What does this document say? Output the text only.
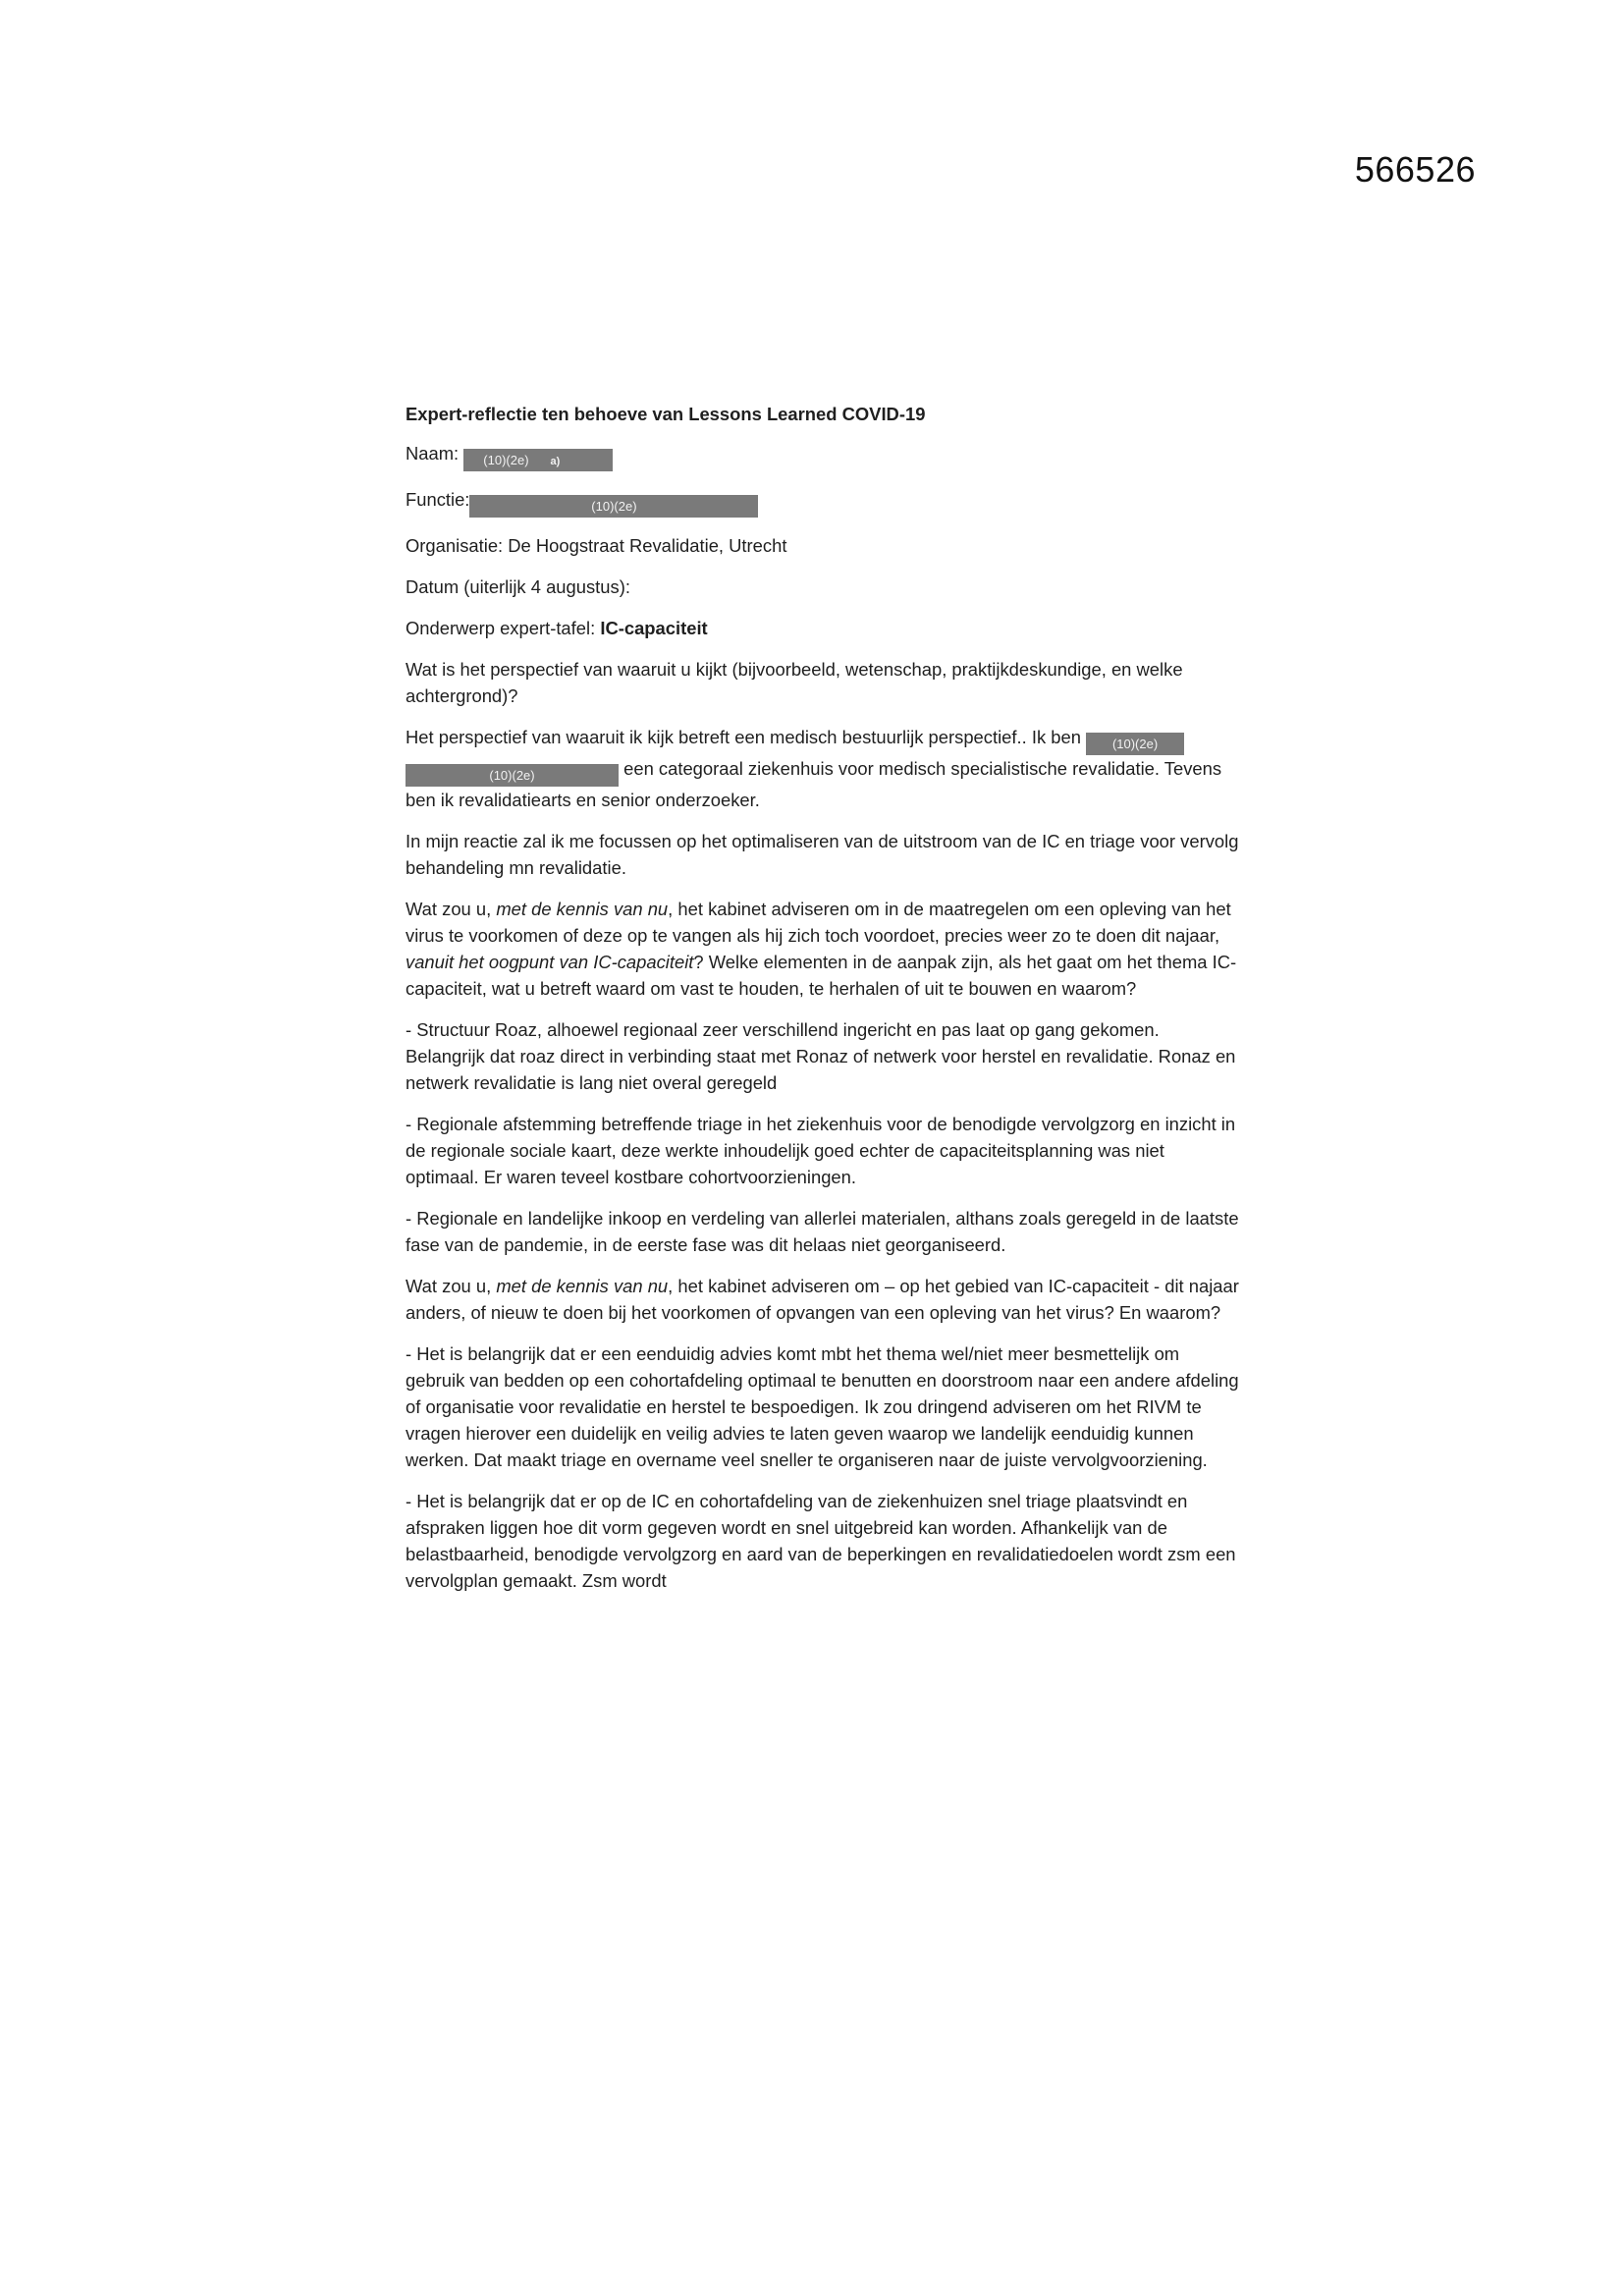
566526

Expert-reflectie ten behoeve van Lessons Learned COVID-19

Naam: (10)(2e) a)

Functie:	(10)(2e)

Organisatie: De Hoogstraat Revalidatie, Utrecht

Datum (uiterlijk 4 augustus):

Onderwerp expert-tafel: IC-capaciteit

Wat is het perspectief van waaruit u kijkt (bijvoorbeeld, wetenschap, praktijkdeskundige, en welke achtergrond)?

Het perspectief van waaruit ik kijk betreft een medisch bestuurlijk perspectief.. Ik ben (10)(2e)
(10)(2e)	een categoraal ziekenhuis voor medisch specialistische revalidatie. Tevens ben ik revalidatiearts en senior onderzoeker.

In mijn reactie zal ik me focussen op het optimaliseren van de uitstroom van de IC en triage voor vervolg behandeling mn revalidatie.

Wat zou u, met de kennis van nu, het kabinet adviseren om in de maatregelen om een opleving van het virus te voorkomen of deze op te vangen als hij zich toch voordoet, precies weer zo te doen dit najaar, vanuit het oogpunt van IC-capaciteit? Welke elementen in de aanpak zijn, als het gaat om het thema IC-capaciteit, wat u betreft waard om vast te houden, te herhalen of uit te bouwen en waarom?

- Structuur Roaz, alhoewel regionaal zeer verschillend ingericht en pas laat op gang gekomen. Belangrijk dat roaz direct in verbinding staat met Ronaz of netwerk voor herstel en revalidatie. Ronaz en netwerk revalidatie is lang niet overal geregeld

- Regionale afstemming betreffende triage in het ziekenhuis voor de benodigde vervolgzorg en inzicht in de regionale sociale kaart, deze werkte inhoudelijk goed echter de capaciteitsplanning was niet optimaal. Er waren teveel kostbare cohortvoorzieningen.

- Regionale en landelijke inkoop en verdeling van allerlei materialen, althans zoals geregeld in de laatste fase van de pandemie, in de eerste fase was dit helaas niet georganiseerd.

Wat zou u, met de kennis van nu, het kabinet adviseren om – op het gebied van IC-capaciteit - dit najaar anders, of nieuw te doen bij het voorkomen of opvangen van een opleving van het virus? En waarom?

- Het is belangrijk dat er een eenduidig advies komt mbt het thema wel/niet meer besmettelijk om gebruik van bedden op een cohortafdeling optimaal te benutten en doorstroom naar een andere afdeling of organisatie voor revalidatie en herstel te bespoedigen. Ik zou dringend adviseren om het RIVM te vragen hierover een duidelijk en veilig advies te laten geven waarop we landelijk eenduidig kunnen werken. Dat maakt triage en overname veel sneller te organiseren naar de juiste vervolgvoorziening.

- Het is belangrijk dat er op de IC en cohortafdeling van de ziekenhuizen snel triage plaatsvindt en afspraken liggen hoe dit vorm gegeven wordt en snel uitgebreid kan worden. Afhankelijk van de belastbaarheid, benodigde vervolgzorg en aard van de beperkingen en revalidatiedoelen wordt zsm een vervolgplan gemaakt. Zsm wordt
